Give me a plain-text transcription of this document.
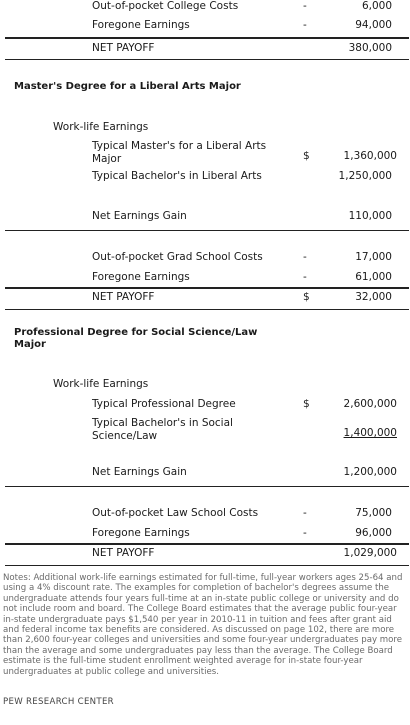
Out-of-pocket College Costs	-	6,000
Foregone Earnings	-	94,000
NET PAYOFF	380,000
Master's Degree for a Liberal Arts Major
Work-life Earnings
Typical Master's for a Liberal Arts Major	$	1,360,000
Typical Bachelor's in Liberal Arts	1,250,000
Net Earnings Gain	110,000
Out-of-pocket Grad School Costs	-	17,000
Foregone Earnings	-	61,000
NET PAYOFF	$	32,000
Professional Degree for Social Science/Law Major
Work-life Earnings
Typical Professional Degree	$	2,600,000
Typical Bachelor's in Social Science/Law	1,400,000
Net Earnings Gain	1,200,000
Out-of-pocket Law School Costs	-	75,000
Foregone Earnings	-	96,000
NET PAYOFF	1,029,000
Notes: Additional work-life earnings estimated for full-time, full-year workers ages 25-64 and using a 4% discount rate. The examples for completion of bachelor's degrees assume the undergraduate attends four years full-time at an in-state public college or university and do not include room and board. The College Board estimates that the average public four-year in-state undergraduate pays $1,540 per year in 2010-11 in tuition and fees after grant aid and federal income tax benefits are considered. As discussed on page 102, there are more than 2,600 four-year colleges and universities and some four-year undergraduates pay more than the average and some undergraduates pay less than the average. The College Board estimate is the full-time student enrollment weighted average for in-state four-year undergraduates at public college and universities.
PEW RESEARCH CENTER
